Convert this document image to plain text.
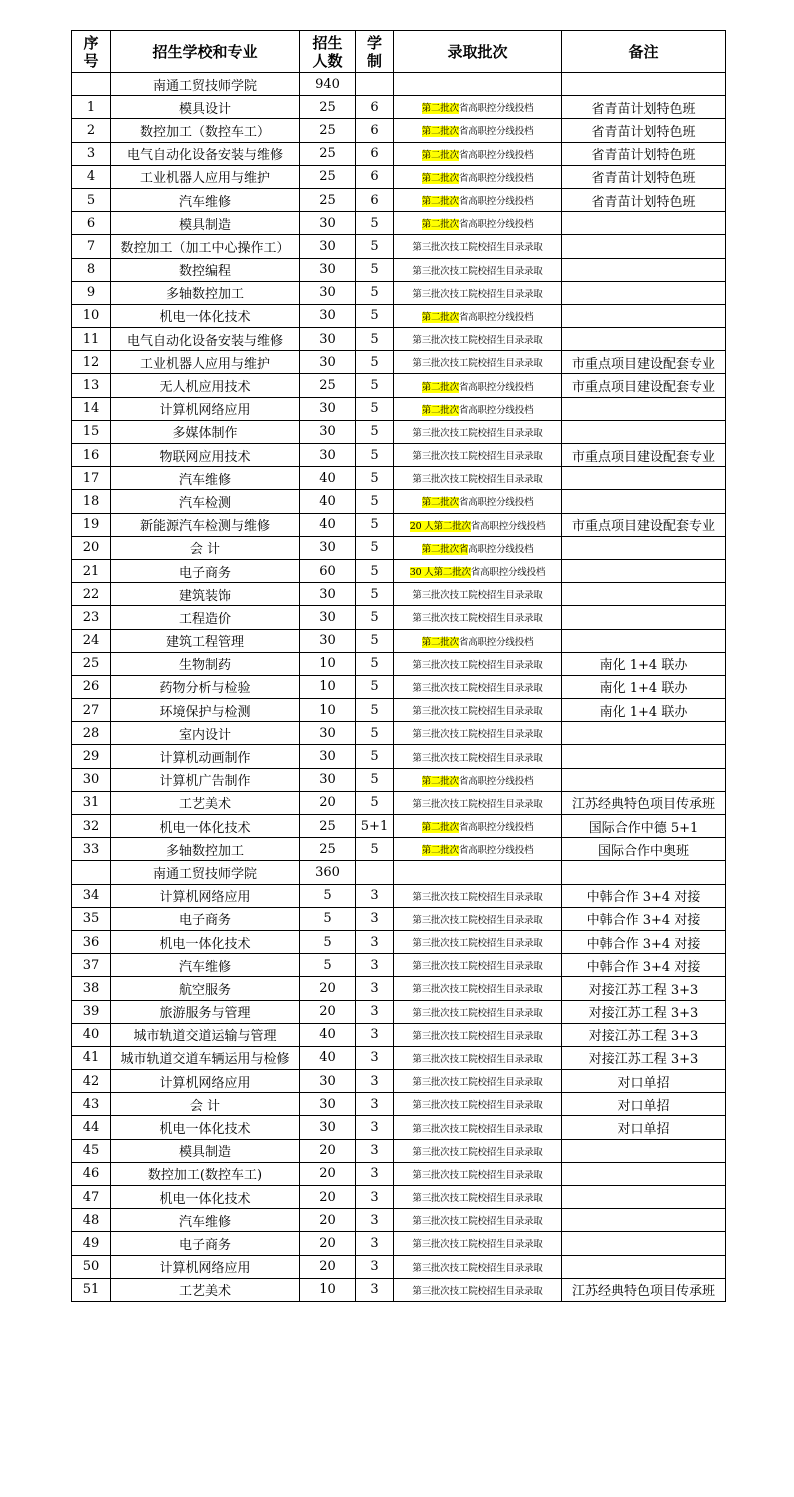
序号	招生学校和专业	招生人数	学制	录取批次	备注
	南通工贸技师学院	940			
1	模具设计	25	6	第二批次省高职控分线投档	省青苗计划特色班
2	数控加工（数控车工）	25	6	第二批次省高职控分线投档	省青苗计划特色班
3	电气自动化设备安装与维修	25	6	第二批次省高职控分线投档	省青苗计划特色班
4	工业机器人应用与维护	25	6	第二批次省高职控分线投档	省青苗计划特色班
5	汽车维修	25	6	第二批次省高职控分线投档	省青苗计划特色班
6	模具制造	30	5	第二批次省高职控分线投档	
7	数控加工（加工中心操作工）	30	5	第三批次技工院校招生目录录取	
8	数控编程	30	5	第三批次技工院校招生目录录取	
9	多轴数控加工	30	5	第三批次技工院校招生目录录取	
10	机电一体化技术	30	5	第二批次省高职控分线投档	
11	电气自动化设备安装与维修	30	5	第三批次技工院校招生目录录取	
12	工业机器人应用与维护	30	5	第三批次技工院校招生目录录取	市重点项目建设配套专业
13	无人机应用技术	25	5	第二批次省高职控分线投档	市重点项目建设配套专业
14	计算机网络应用	30	5	第二批次省高职控分线投档	
15	多媒体制作	30	5	第三批次技工院校招生目录录取	
16	物联网应用技术	30	5	第三批次技工院校招生目录录取	市重点项目建设配套专业
17	汽车维修	40	5	第三批次技工院校招生目录录取	
18	汽车检测	40	5	第二批次省高职控分线投档	
19	新能源汽车检测与维修	40	5	20 人第二批次省高职控分线投档	市重点项目建设配套专业
20	会 计	30	5	第二批次省高职控分线投档	
21	电子商务	60	5	30 人第二批次省高职控分线投档	
22	建筑装饰	30	5	第三批次技工院校招生目录录取	
23	工程造价	30	5	第三批次技工院校招生目录录取	
24	建筑工程管理	30	5	第二批次省高职控分线投档	
25	生物制药	10	5	第三批次技工院校招生目录录取	南化 1+4 联办
26	药物分析与检验	10	5	第三批次技工院校招生目录录取	南化 1+4 联办
27	环境保护与检测	10	5	第三批次技工院校招生目录录取	南化 1+4 联办
28	室内设计	30	5	第三批次技工院校招生目录录取	
29	计算机动画制作	30	5	第三批次技工院校招生目录录取	
30	计算机广告制作	30	5	第二批次省高职控分线投档	
31	工艺美术	20	5	第三批次技工院校招生目录录取	江苏经典特色项目传承班
32	机电一体化技术	25	5+1	第二批次省高职控分线投档	国际合作中德 5+1
33	多轴数控加工	25	5	第二批次省高职控分线投档	国际合作中奥班
	南通工贸技师学院	360			
34	计算机网络应用	5	3	第三批次技工院校招生目录录取	中韩合作 3+4 对接
35	电子商务	5	3	第三批次技工院校招生目录录取	中韩合作 3+4 对接
36	机电一体化技术	5	3	第三批次技工院校招生目录录取	中韩合作 3+4 对接
37	汽车维修	5	3	第三批次技工院校招生目录录取	中韩合作 3+4 对接
38	航空服务	20	3	第三批次技工院校招生目录录取	对接江苏工程 3+3
39	旅游服务与管理	20	3	第三批次技工院校招生目录录取	对接江苏工程 3+3
40	城市轨道交道运输与管理	40	3	第三批次技工院校招生目录录取	对接江苏工程 3+3
41	城市轨道交道车辆运用与检修	40	3	第三批次技工院校招生目录录取	对接江苏工程 3+3
42	计算机网络应用	30	3	第三批次技工院校招生目录录取	对口单招
43	会 计	30	3	第三批次技工院校招生目录录取	对口单招
44	机电一体化技术	30	3	第三批次技工院校招生目录录取	对口单招
45	模具制造	20	3	第三批次技工院校招生目录录取	
46	数控加工(数控车工)	20	3	第三批次技工院校招生目录录取	
47	机电一体化技术	20	3	第三批次技工院校招生目录录取	
48	汽车维修	20	3	第三批次技工院校招生目录录取	
49	电子商务	20	3	第三批次技工院校招生目录录取	
50	计算机网络应用	20	3	第三批次技工院校招生目录录取	
51	工艺美术	10	3	第三批次技工院校招生目录录取	江苏经典特色项目传承班
